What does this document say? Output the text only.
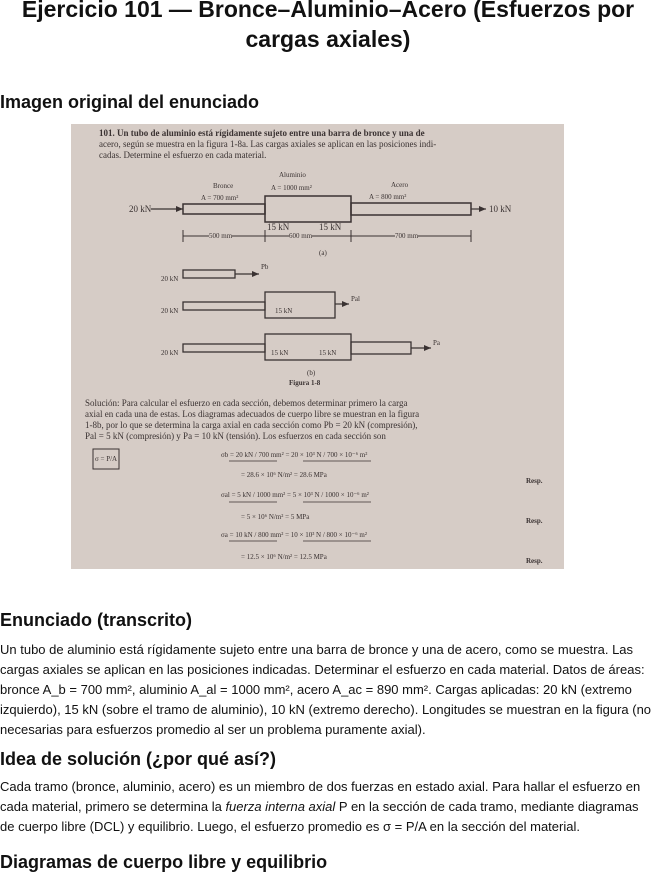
Ejercicio 101 — Bronce–Aluminio–Acero (Esfuerzos por cargas axiales)
Imagen original del enunciado
101. Un tubo de aluminio está rígidamente sujeto entre una barra de bronce y una de
acero, según se muestra en la figura 1-8a. Las cargas axiales se aplican en las posiciones indi-
cadas. Determine el esfuerzo en cada material.
Bronce
A = 700 mm²
Aluminio
A = 1000 mm²	Acero
A = 800 mm²
20 kN
15 kN	15 kN
10 kN
500 mm	600 mm	700 mm
(a)
Pb
20 kN
Pal
20 kN	15 kN
Pa
20 kN	15 kN	15 kN
(b)
Figura 1-8
Solución: Para calcular el esfuerzo en cada sección, debemos determinar primero la carga
axial en cada una de estas. Los diagramas adecuados de cuerpo libre se muestran en la figura
1-8b, por lo que se determina la carga axial en cada sección como Pb = 20 kN (compresión),
Pal = 5 kN (compresión) y Pa = 10 kN (tensión). Los esfuerzos en cada sección son
σ = P/A	σb = 20 kN / 700 mm² = 20 × 10³ N / 700 × 10⁻⁶ m²
= 28.6 × 10⁶ N/m² = 28.6 MPa
σal = 5 kN / 1000 mm² = 5 × 10³ N / 1000 × 10⁻⁶ m²
= 5 × 10⁶ N/m² = 5 MPa
σa = 10 kN / 800 mm² = 10 × 10³ N / 800 × 10⁻⁶ m²
= 12.5 × 10⁶ N/m² = 12.5 MPa
Resp.
Resp.
Resp.
Enunciado (transcrito)

Un tubo de aluminio está rígidamente sujeto entre una barra de bronce y una de acero, como se muestra. Las cargas axiales se aplican en las posiciones indicadas. Determinar el esfuerzo en cada material. Datos de áreas: bronce A_b = 700 mm², aluminio A_al = 1000 mm², acero A_ac = 890 mm². Cargas aplicadas: 20 kN (extremo izquierdo), 15 kN (sobre el tramo de aluminio), 10 kN (extremo derecho). Longitudes se muestran en la figura (no necesarias para esfuerzos promedio al ser un problema puramente axial).

Idea de solución (¿por qué así?)

Cada tramo (bronce, aluminio, acero) es un miembro de dos fuerzas en estado axial. Para hallar el esfuerzo en cada material, primero se determina la fuerza interna axial P en la sección de cada tramo, mediante diagramas de cuerpo libre (DCL) y equilibrio. Luego, el esfuerzo promedio es σ = P/A en la sección del material.

Diagramas de cuerpo libre y equilibrio
